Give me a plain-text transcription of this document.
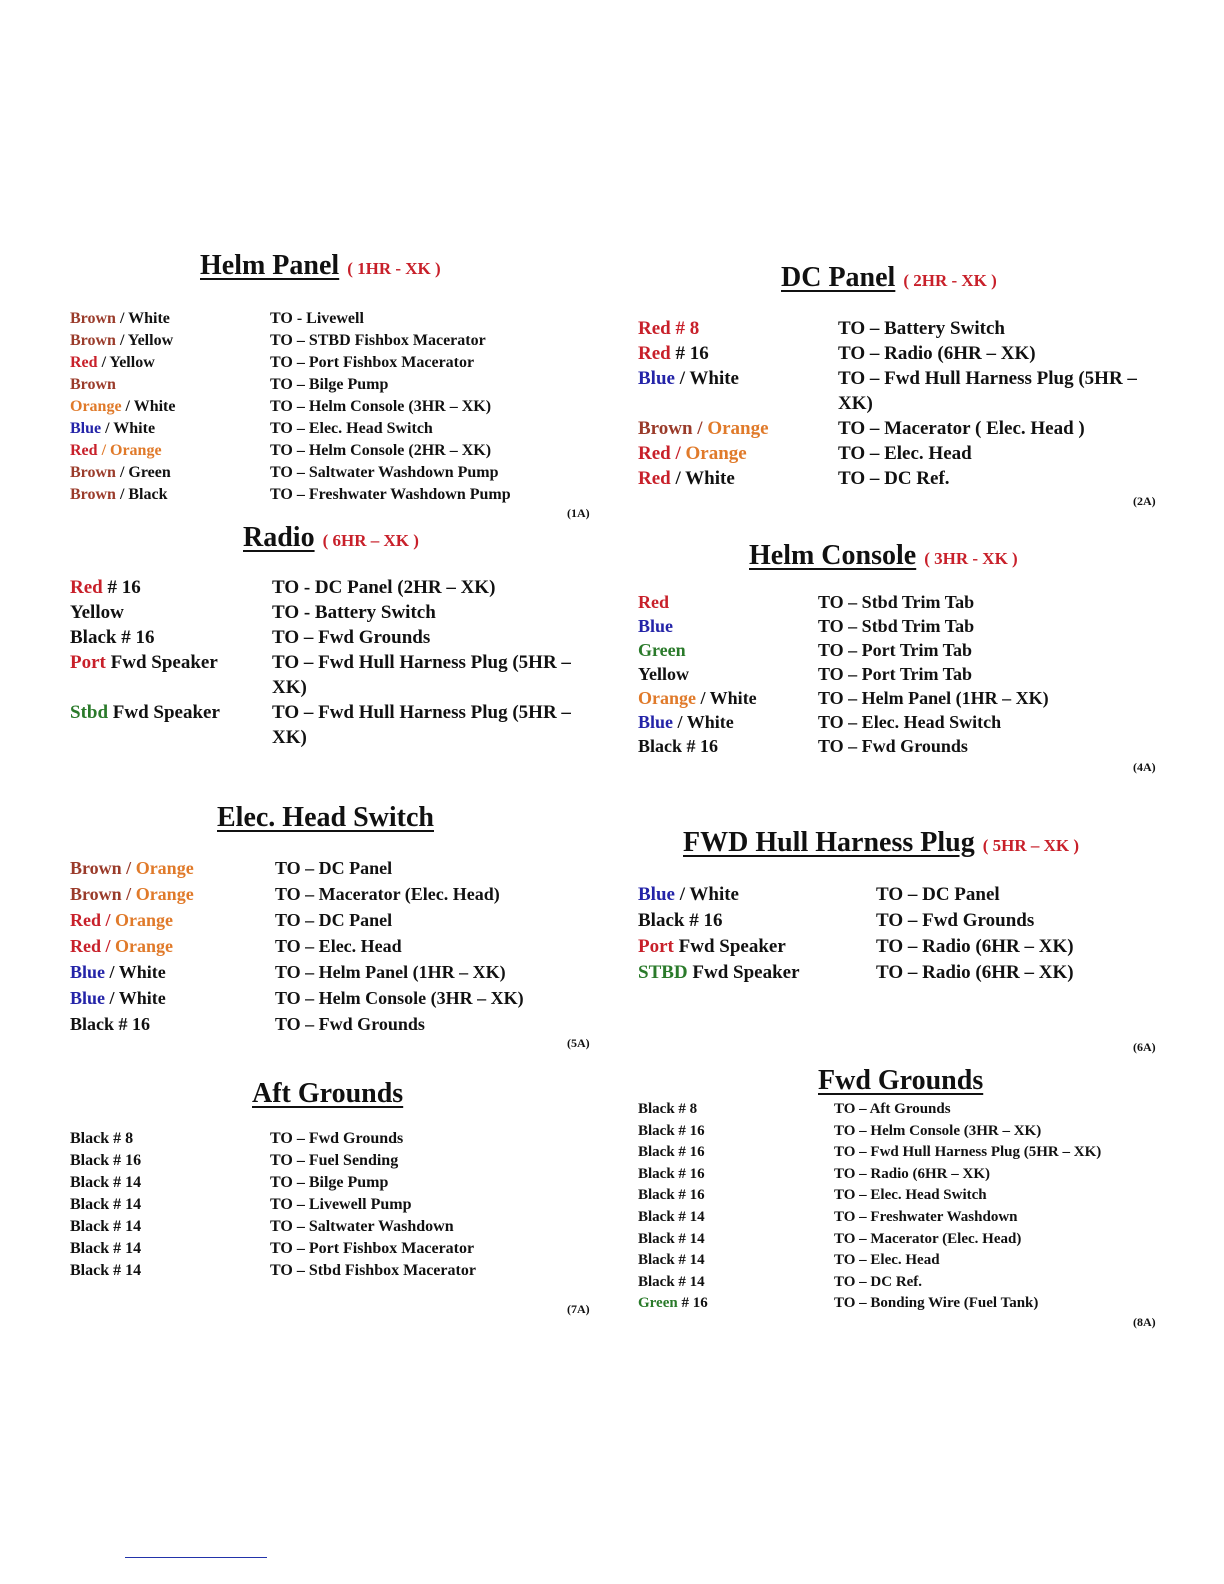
Helm Panel ( 1HR - XK )
Brown / White	TO - Livewell
Brown / Yellow	TO – STBD Fishbox Macerator
Red / Yellow	TO – Port Fishbox Macerator
Brown	TO – Bilge Pump
Orange / White	TO – Helm Console (3HR – XK)
Blue / White	TO – Elec. Head Switch
Red / Orange	TO – Helm Console (2HR – XK)
Brown / Green	TO – Saltwater Washdown Pump
Brown / Black	TO – Freshwater Washdown Pump
(1A)
DC Panel ( 2HR - XK )
Red # 8	TO – Battery Switch
Red # 16	TO – Radio (6HR – XK)
Blue / White	TO – Fwd Hull Harness Plug (5HR – XK)
Brown / Orange	TO – Macerator ( Elec. Head )
Red / Orange	TO – Elec. Head
Red / White	TO – DC Ref.
(2A)
Radio ( 6HR – XK )
Red # 16	TO - DC Panel (2HR – XK)
Yellow	TO - Battery Switch
Black # 16	TO – Fwd Grounds
Port Fwd Speaker	TO – Fwd Hull Harness Plug (5HR – XK)
Stbd Fwd Speaker	TO – Fwd Hull Harness Plug (5HR – XK)
Helm Console ( 3HR - XK )
Red	TO – Stbd Trim Tab
Blue	TO – Stbd Trim Tab
Green	TO – Port Trim Tab
Yellow	TO – Port Trim Tab
Orange / White	TO – Helm Panel (1HR – XK)
Blue / White	TO – Elec. Head Switch
Black # 16	TO – Fwd Grounds
(4A)
Elec. Head Switch
Brown / Orange	TO – DC Panel
Brown / Orange	TO – Macerator (Elec. Head)
Red / Orange	TO – DC Panel
Red / Orange	TO – Elec. Head
Blue / White	TO – Helm Panel (1HR – XK)
Blue / White	TO – Helm Console (3HR – XK)
Black # 16	TO – Fwd Grounds
(5A)
FWD Hull Harness Plug ( 5HR – XK )
Blue / White	TO – DC Panel
Black # 16	TO – Fwd Grounds
Port Fwd Speaker	TO – Radio (6HR – XK)
STBD Fwd Speaker	TO – Radio (6HR – XK)
(6A)
Aft Grounds
Black # 8	TO – Fwd Grounds
Black # 16	TO – Fuel Sending
Black # 14	TO – Bilge Pump
Black # 14	TO – Livewell Pump
Black # 14	TO – Saltwater Washdown
Black # 14	TO – Port Fishbox Macerator
Black # 14	TO – Stbd Fishbox Macerator
(7A)
Fwd Grounds
Black # 8	TO – Aft Grounds
Black # 16	TO – Helm Console (3HR – XK)
Black # 16	TO – Fwd Hull Harness Plug (5HR – XK)
Black # 16	TO – Radio (6HR – XK)
Black # 16	TO – Elec. Head Switch
Black # 14	TO – Freshwater Washdown
Black # 14	TO – Macerator (Elec. Head)
Black # 14	TO – Elec. Head
Black # 14	TO – DC Ref.
Green # 16	TO – Bonding Wire (Fuel Tank)
(8A)
